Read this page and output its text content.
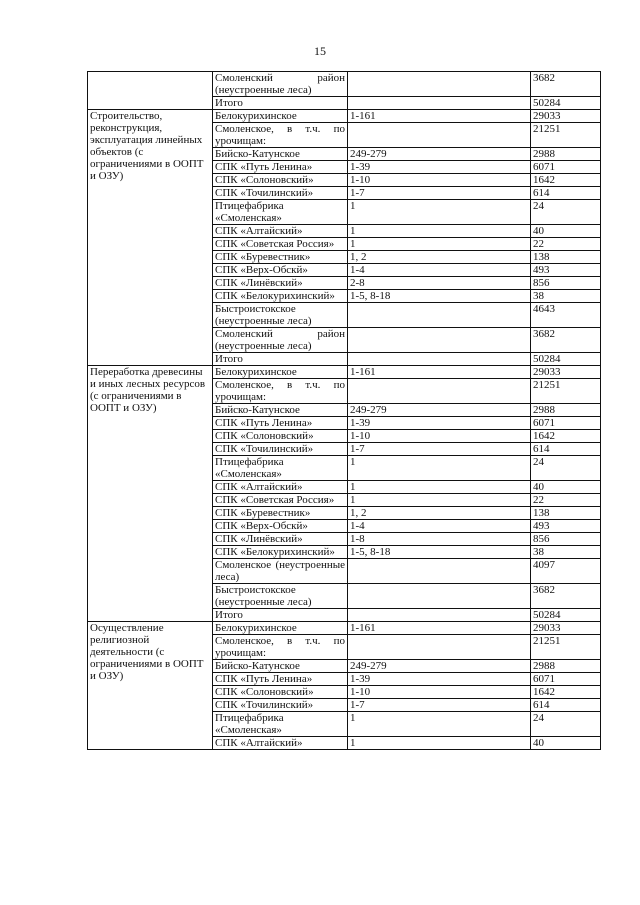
15
	Смоленский район (неустроенные леса)		3682
	Итого		50284
Строительство, реконструкция, эксплуатация линейных объектов (с ограничениями в ООПТ и ОЗУ)	Белокурихинское	1-161	29033
	Смоленское, в т.ч. по урочищам:		21251
	Бийско-Катунское	249-279	2988
	СПК «Путь Ленина»	1-39	6071
	СПК «Солоновский»	1-10	1642
	СПК «Точилинский»	1-7	614
	Птицефабрика «Смоленская»	1	24
	СПК «Алтайский»	1	40
	СПК «Советская Россия»	1	22
	СПК «Буревестник»	1, 2	138
	СПК «Верх-Обскй»	1-4	493
	СПК «Линёвский»	2-8	856
	СПК «Белокурихинский»	1-5, 8-18	38
	Быстроистокское (неустроенные леса)		4643
	Смоленский район (неустроенные леса)		3682
	Итого		50284
Переработка древесины и иных лесных ресурсов (с ограничениями в ООПТ и ОЗУ)	Белокурихинское	1-161	29033
	Смоленское, в т.ч. по урочищам:		21251
	Бийско-Катунское	249-279	2988
	СПК «Путь Ленина»	1-39	6071
	СПК «Солоновский»	1-10	1642
	СПК «Точилинский»	1-7	614
	Птицефабрика «Смоленская»	1	24
	СПК «Алтайский»	1	40
	СПК «Советская Россия»	1	22
	СПК «Буревестник»	1, 2	138
	СПК «Верх-Обскй»	1-4	493
	СПК «Линёвский»	1-8	856
	СПК «Белокурихинский»	1-5, 8-18	38
	Смоленское (неустроенные леса)		4097
	Быстроистокское (неустроенные леса)		3682
	Итого		50284
Осуществление религиозной деятельности (с ограничениями в ООПТ и ОЗУ)	Белокурихинское	1-161	29033
	Смоленское, в т.ч. по урочищам:		21251
	Бийско-Катунское	249-279	2988
	СПК «Путь Ленина»	1-39	6071
	СПК «Солоновский»	1-10	1642
	СПК «Точилинский»	1-7	614
	Птицефабрика «Смоленская»	1	24
	СПК «Алтайский»	1	40
